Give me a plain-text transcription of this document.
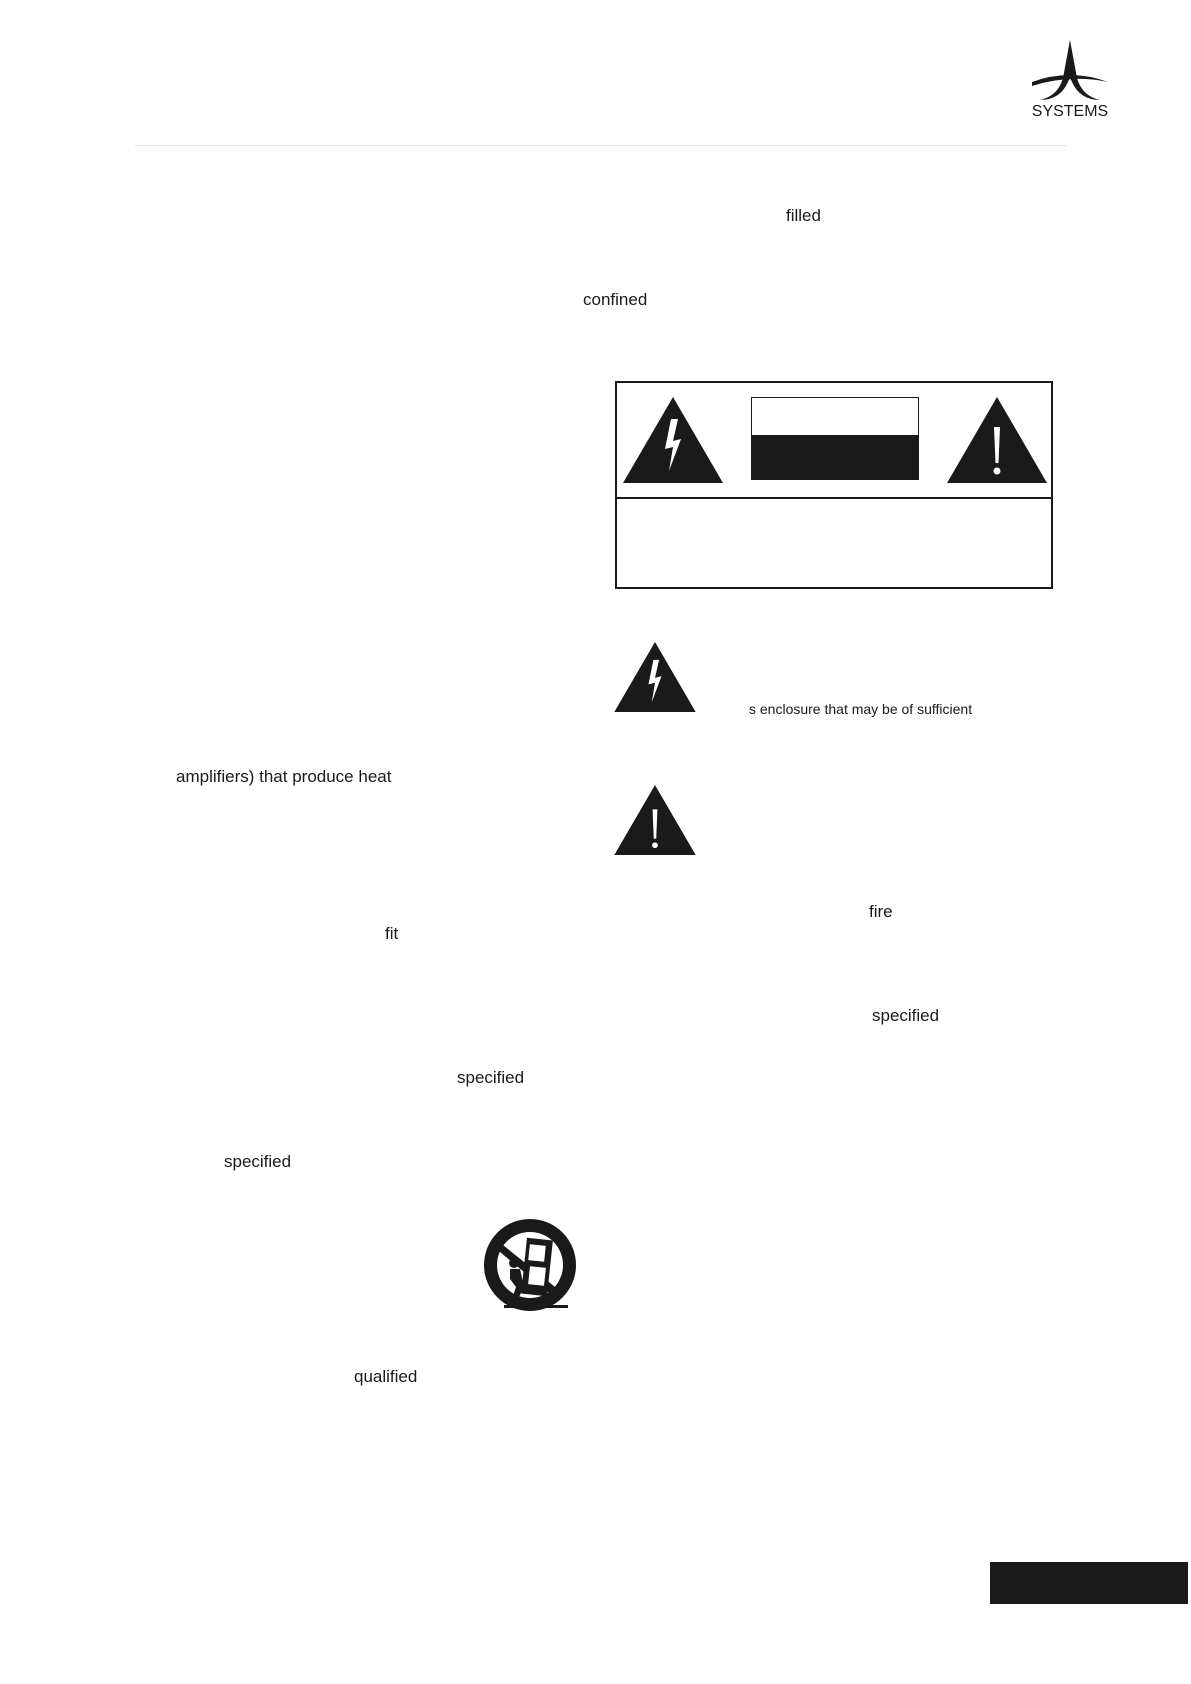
SYSTEMS
amplifiers) that produce heat
fit
specified
specified
qualified
filled
confined
s enclosure that may be of sufficient
fire
specified
